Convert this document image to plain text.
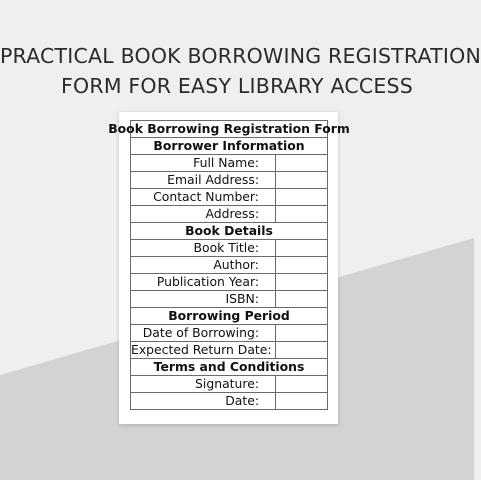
PRACTICAL BOOK BORROWING REGISTRATION
FORM FOR EASY LIBRARY ACCESS
Book Borrowing Registration Form	

Borrower Information	
Full Name:	
Email Address:	
Contact Number:	
Address:	
Book Details	
Book Title:	
Author:	
Publication Year:	
ISBN:	
Borrowing Period	
Date of Borrowing:	
Expected Return Date:	
Terms and Conditions	
Signature:	
Date:	
